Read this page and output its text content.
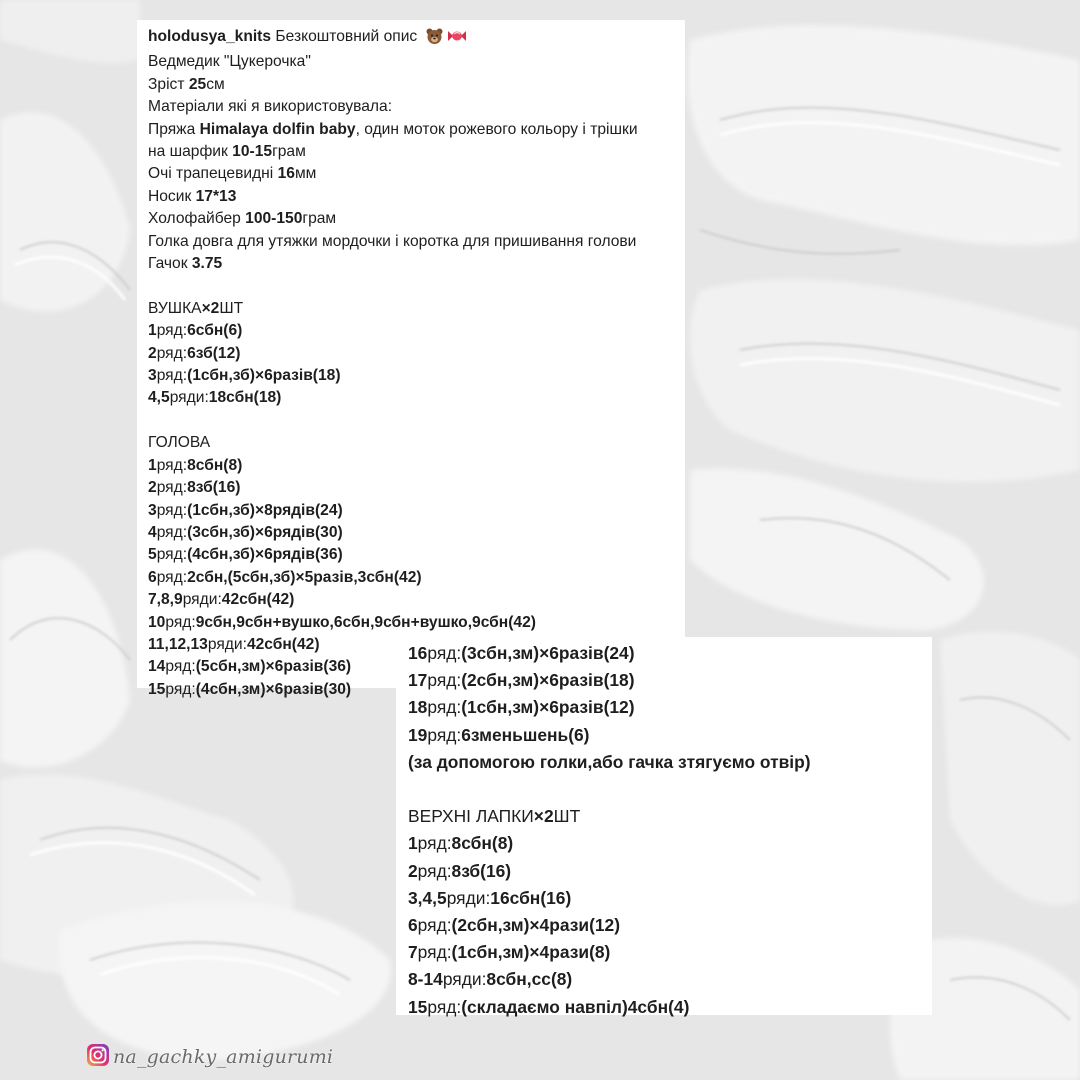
holodusya_knits Безкоштовний опис
Ведмедик "Цукерочка"
Зріст 25см
Матеріали які я використовувала:
Пряжа Himalaya dolfin baby, один моток рожевого кольору і трішки
на шарфик 10-15грам
Очі трапецевидні 16мм
Носик 17*13
Холофайбер 100-150грам
Голка довга для утяжки мордочки і коротка для пришивання голови
Гачок 3.75
ВУШКА×2ШТ
1ряд:6сбн(6)
2ряд:6зб(12)
3ряд:(1сбн,зб)×6разів(18)
4,5ряди:18сбн(18)
ГОЛОВА
1ряд:8сбн(8)
2ряд:8зб(16)
3ряд:(1сбн,зб)×8рядів(24)
4ряд:(3сбн,зб)×6рядів(30)
5ряд:(4сбн,зб)×6рядів(36)
6ряд:2сбн,(5сбн,зб)×5разів,3сбн(42)
7,8,9ряди:42сбн(42)
10ряд:9сбн,9сбн+вушко,6сбн,9сбн+вушко,9сбн(42)
11,12,13ряди:42сбн(42)
14ряд:(5сбн,зм)×6разів(36)
15ряд:(4сбн,зм)×6разів(30)
16ряд:(3сбн,зм)×6разів(24)
17ряд:(2сбн,зм)×6разів(18)
18ряд:(1сбн,зм)×6разів(12)
19ряд:6зменьшень(6)
(за допомогою голки,або гачка зтягуємо отвір)
ВЕРХНІ ЛАПКИ×2ШТ
1ряд:8сбн(8)
2ряд:8зб(16)
3,4,5ряди:16сбн(16)
6ряд:(2сбн,зм)×4рази(12)
7ряд:(1сбн,зм)×4рази(8)
8-14ряди:8сбн,сс(8)
15ряд:(складаємо навпіл)4сбн(4)
na_gachky_amigurumi
